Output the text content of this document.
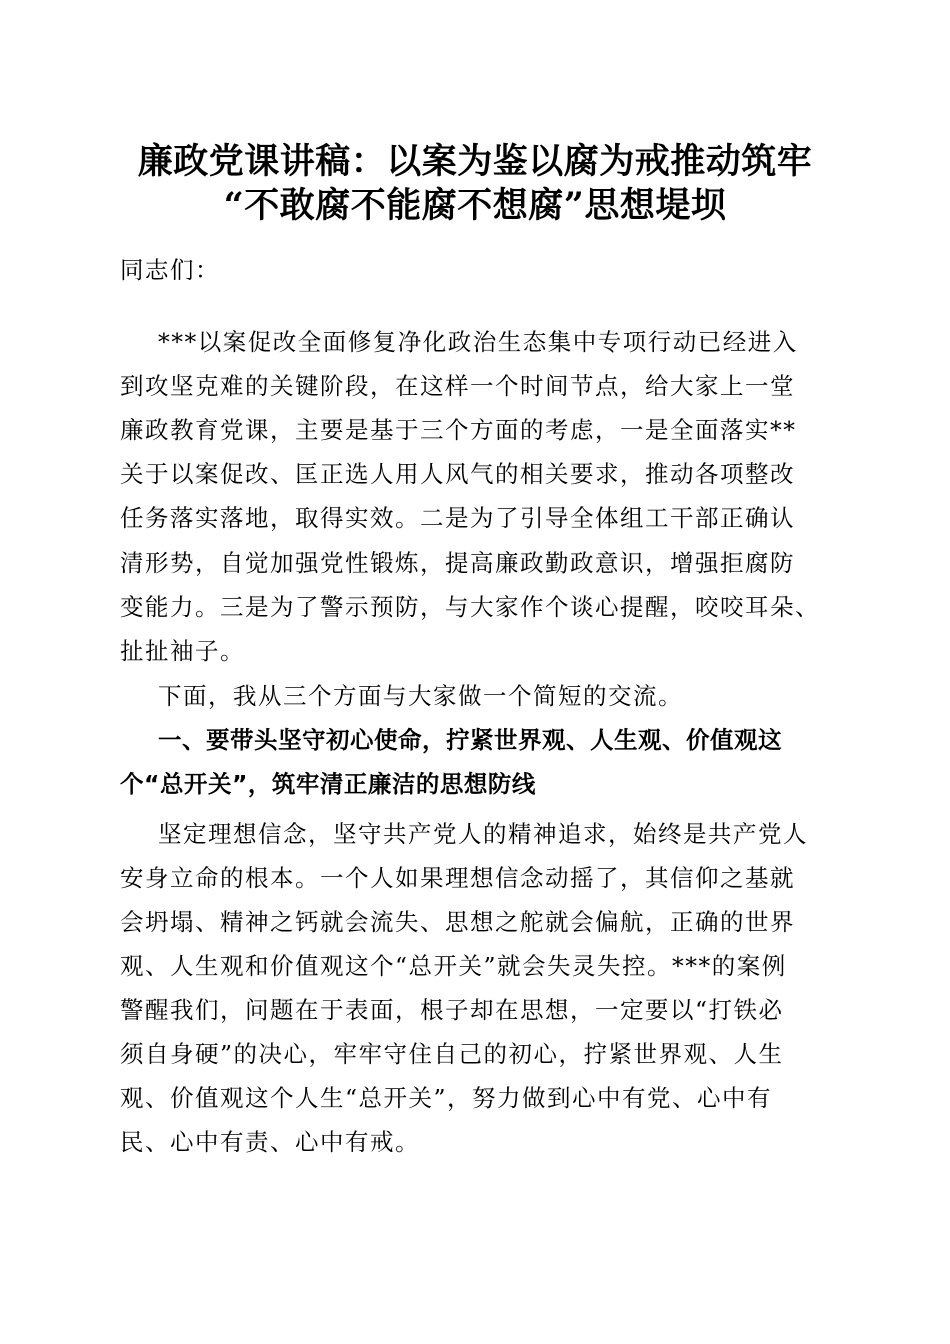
廉政党课讲稿：以案为鉴以腐为戒推动筑牢
“不敢腐不能腐不想腐”思想堤坝
同志们：
***以案促改全面修复净化政治生态集中专项行动已经进入
到攻坚克难的关键阶段，在这样一个时间节点，给大家上一堂
廉政教育党课，主要是基于三个方面的考虑，一是全面落实**
关于以案促改、匡正选人用人风气的相关要求，推动各项整改
任务落实落地，取得实效。二是为了引导全体组工干部正确认
清形势，自觉加强党性锻炼，提高廉政勤政意识，增强拒腐防
变能力。三是为了警示预防，与大家作个谈心提醒，咬咬耳朵、
扯扯袖子。
下面，我从三个方面与大家做一个简短的交流。
一、要带头坚守初心使命，拧紧世界观、人生观、价值观这
个“总开关”，筑牢清正廉洁的思想防线
坚定理想信念，坚守共产党人的精神追求，始终是共产党人
安身立命的根本。一个人如果理想信念动摇了，其信仰之基就
会坍塌、精神之钙就会流失、思想之舵就会偏航，正确的世界
观、人生观和价值观这个“总开关”就会失灵失控。***的案例
警醒我们，问题在于表面，根子却在思想，一定要以“打铁必
须自身硬”的决心，牢牢守住自己的初心，拧紧世界观、人生
观、价值观这个人生“总开关”，努力做到心中有党、心中有
民、心中有责、心中有戒。
